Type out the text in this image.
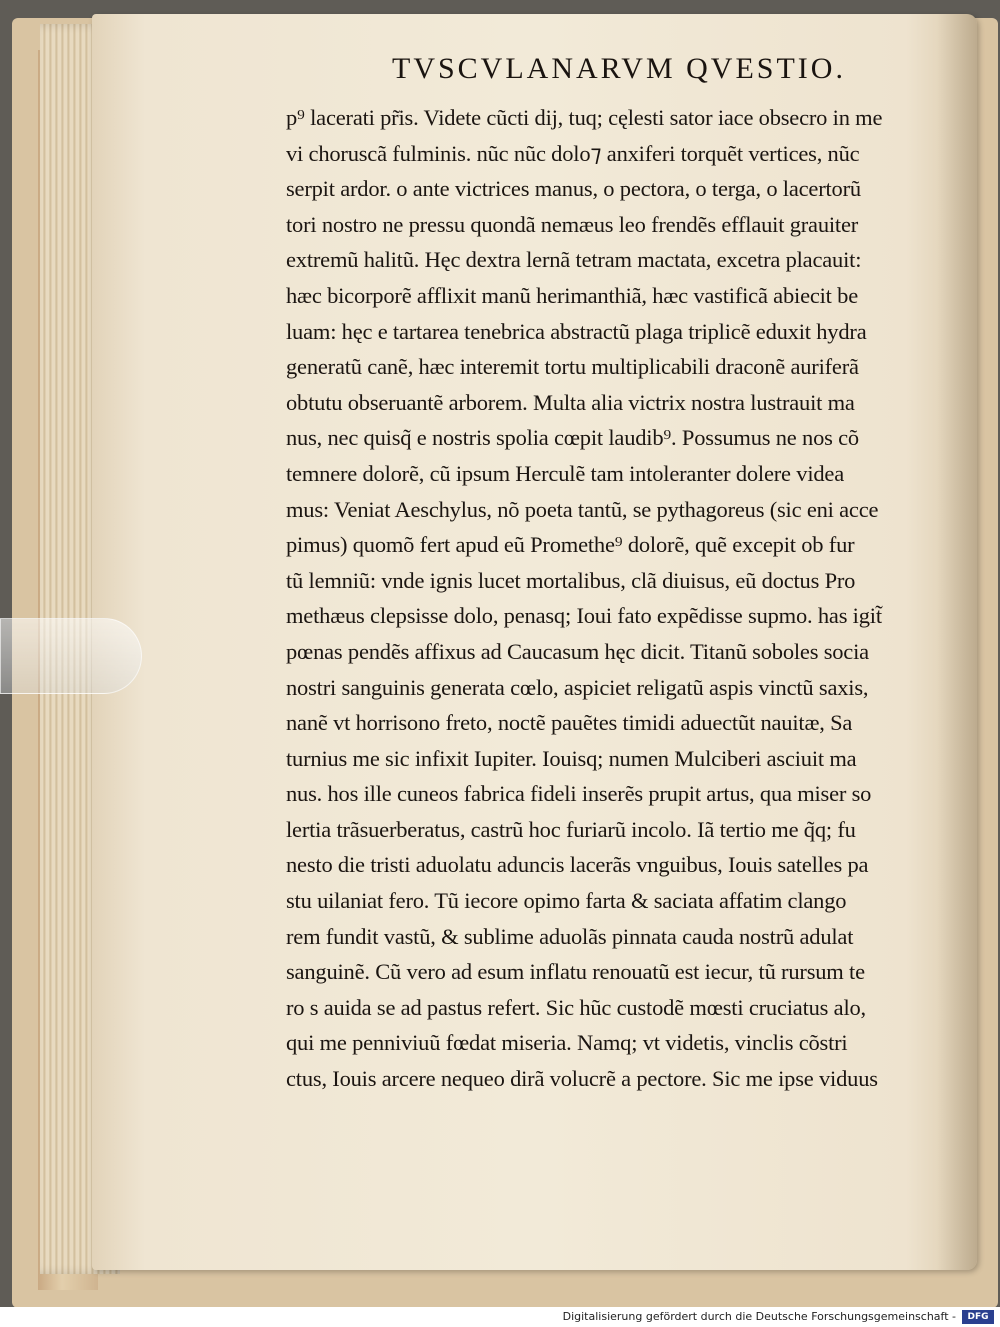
TVSCVLANARVM QVESTIO.
p⁹ lacerati pr̃is. Videte cũcti dij, tuq; cęlesti sator iace obsecro in me
vi choruscã fulminis. nũc nũc dolo⁊ anxiferi torquẽt vertices, nũc
serpit ardor. o ante victrices manus, o pectora, o terga, o lacertorũ
tori nostro ne pressu quondã nemæus leo frendẽs efflauit grauiter
extremũ halitũ. Hęc dextra lernã tetram mactata, excetra placauit:
hæc bicorporẽ afflixit manũ herimanthiã, hæc vastificã abiecit be
luam: hęc e tartarea tenebrica abstractũ plaga triplicẽ eduxit hydra
generatũ canẽ, hæc interemit tortu multiplicabili draconẽ auriferã
obtutu obseruantẽ arborem. Multa alia victrix nostra lustrauit ma
nus, nec quisq̃ e nostris spolia cœpit laudib⁹. Possumus ne nos cõ
temnere dolorẽ, cũ ipsum Herculẽ tam intoleranter dolere videa
mus: Veniat Aeschylus, nõ poeta tantũ, se pythagoreus (sic eni acce
pimus) quomõ fert apud eũ Promethe⁹ dolorẽ, quẽ excepit ob fur
tũ lemniũ: vnde ignis lucet mortalibus, clã diuisus, eũ doctus Pro
methæus clepsisse dolo, penasq; Ioui fato expẽdisse supmo. has igit̃
pœnas pendẽs affixus ad Caucasum hęc dicit. Titanũ soboles socia
nostri sanguinis generata cœlo, aspiciet religatũ aspis vinctũ saxis,
nanẽ vt horrisono freto, noctẽ pauẽtes timidi aduectũt nauitæ, Sa
turnius me sic infixit Iupiter. Iouisq; numen Mulciberi asciuit ma
nus. hos ille cuneos fabrica fideli inserẽs prupit artus, qua miser so
lertia trãsuerberatus, castrũ hoc furiarũ incolo. Iã tertio me q̃q; fu
nesto die tristi aduolatu aduncis lacerãs vnguibus, Iouis satelles pa
stu uilaniat fero. Tũ iecore opimo farta & saciata affatim clango
rem fundit vastũ, & sublime aduolãs pinnata cauda nostrũ adulat
sanguinẽ. Cũ vero ad esum inflatu renouatũ est iecur, tũ rursum te
ro s auida se ad pastus refert. Sic hũc custodẽ mœsti cruciatus alo,
qui me penniviuũ fœdat miseria. Namq; vt videtis, vinclis cõstri
ctus, Iouis arcere nequeo dirã volucrẽ a pectore. Sic me ipse viduus
Digitalisierung gefördert durch die Deutsche Forschungsgemeinschaft -	DFG
